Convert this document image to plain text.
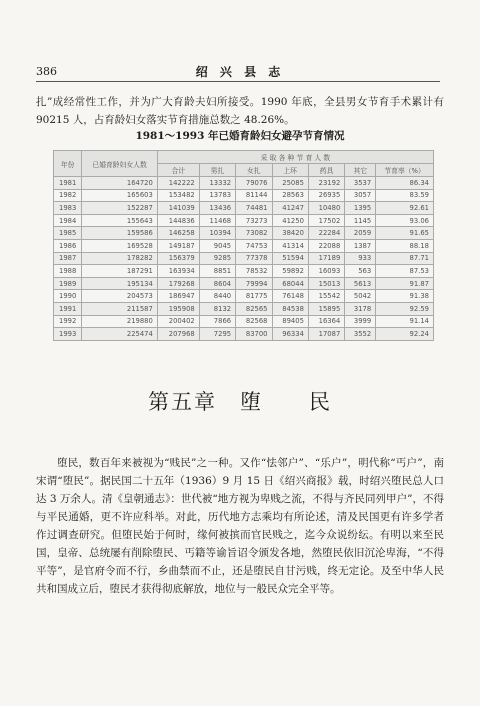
386	绍 兴 县 志
扎”成经常性工作，并为广大育龄夫妇所接受。1990 年底，全县男女节育手术累计有 90215 人，占育龄妇女落实节育措施总数之 48.26%。
1981～1993 年已婚育龄妇女避孕节育情况
年份	已婚育龄妇女人数	采 取 各 种 节 育 人 数						
		合计	男扎	女扎	上环	药具	其它	节育率（%）
1981	164720	142222	13332	79076	25085	23192	3537	86.34
1982	165603	153482	13783	81144	28563	26935	3057	83.59
1983	152287	141039	13436	74481	41247	10480	1395	92.61
1984	155643	144836	11468	73273	41250	17502	1145	93.06
1985	159586	146258	10394	73082	38420	22284	2059	91.65
1986	169528	149187	9045	74753	41314	22088	1387	88.18
1987	178282	156379	9285	77378	51594	17189	933	87.71
1988	187291	163934	8851	78532	59892	16093	563	87.53
1989	195134	179268	8604	79994	68044	15013	5613	91.87
1990	204573	186947	8440	81775	76148	15542	5042	91.38
1991	211587	195908	8132	82565	84538	15895	3178	92.59
1992	219880	200402	7866	82568	89405	16364	3999	91.14
1993	225474	207968	7295	83700	96334	17087	3552	92.24
第五章　堕　　民

堕民，数百年来被视为“贱民”之一种。又作“怯邻户”、“乐户”，明代称“丐户”，南宋谓“堕民”。据民国二十五年（1936）9 月 15 日《绍兴商报》载，时绍兴堕民总人口达 3 万余人。清《皇朝通志》：世代被“地方视为卑贱之流，不得与齐民同列甲户”，不得与平民通婚，更不许应科举。对此，历代地方志乘均有所论述，清及民国更有许多学者作过调查研究。但堕民始于何时，缘何被摈而官民贱之，迄今众说纷纭。有明以来至民国，皇帝、总统屡有削除堕民、丐籍等谕旨诏令颁发各地，然堕民依旧沉沦卑海，“不得平等”，是官府令而不行，乡曲禁而不止，还是堕民自甘污贱，终无定论。及至中华人民共和国成立后，堕民才获得彻底解放，地位与一般民众完全平等。
